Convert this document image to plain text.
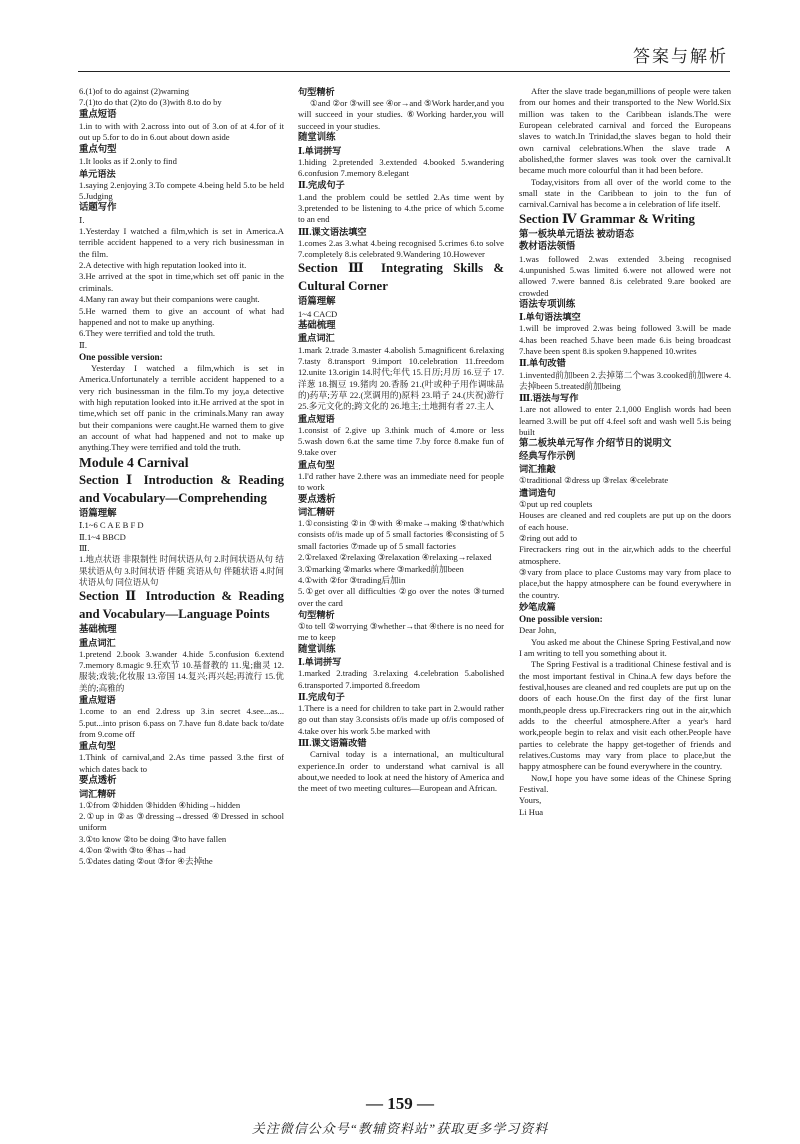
答案与解析

6.(1)of to do against (2)warning

7.(1)to do that (2)to do (3)with 8.to do by

重点短语

1.in to with with 2.across into out of 3.on of at 4.for of it out up 5.for to do in 6.out about down aside

重点句型

1.It looks as if 2.only to find

单元语法

1.saying 2.enjoying 3.To compete 4.being held 5.to be held 5.Judging

话题写作

Ⅰ.

1.Yesterday I watched a film,which is set in America.A terrible accident happened to a very rich businessman in the film.

2.A detective with high reputation looked into it.

3.He arrived at the spot in time,which set off panic in the criminals.

4.Many ran away but their companions were caught.

5.He warned them to give an account of what had happened and not to make up anything.

6.They were terrified and told the truth.

Ⅱ.

One possible version:

Yesterday I watched a film,which is set in America.Unfortunately a terrible accident happened to a very rich businessman in the film.To my joy,a detective with high reputation looked into it.He arrived at the spot in time,which set off panic in the criminals.Many ran away but their companions were caught.He warned them to give an account of what had happened and not to make up anything.They were terrified and told the truth.

Module 4 Carnival

Section Ⅰ Introduction & Reading and Vocabulary—Comprehending

语篇理解

Ⅰ.1~6 C A E B F D

Ⅱ.1~4 BBCD

Ⅲ.

1.地点状语 非限制性 时间状语从句 2.时间状语从句 结果状语从句 3.时间状语 伴随 宾语从句 伴随状语 4.时间状语从句 同位语从句

Section Ⅱ Introduction & Reading and Vocabulary—Language Points

基础梳理

重点词汇

1.pretend 2.book 3.wander 4.hide 5.confusion 6.extend 7.memory 8.magic 9.狂欢节 10.基督教的 11.鬼;幽灵 12.服装;戏装;化妆服 13.帝国 14.复兴;再兴起;再流行 15.优美的;高雅的

重点短语

1.come to an end 2.dress up 3.in secret 4.see...as... 5.put...into prison 6.pass on 7.have fun 8.date back to/date from 9.come off

重点句型

1.Think of carnival,and 2.As time passed 3.the first of which dates back to

要点透析

词汇精研

1.①from ②hidden ③hidden ④hiding→hidden

2.①up in ②as ③dressing→dressed ④Dressed in school uniform

3.①to know ②to be doing ③to have fallen

4.①on ②with ③to ④has→had

5.①dates dating ②out ③for ④去掉the

句型精析

①and ②or ③will see ④or→and ⑤Work harder,and you will succeed in your studies. ⑥Working harder,you will succeed in your studies.

随堂训练

Ⅰ.单词拼写

1.hiding 2.pretended 3.extended 4.booked 5.wandering 6.confusion 7.memory 8.elegant

Ⅱ.完成句子

1.and the problem could be settled 2.As time went by 3.pretended to be listening to 4.the price of which 5.come to an end

Ⅲ.课文语法填空

1.comes 2.as 3.what 4.being recognised 5.crimes 6.to solve 7.completely 8.is celebrated 9.Wandering 10.However

Section Ⅲ Integrating Skills & Cultural Corner

语篇理解

1~4 CACD

基础梳理

重点词汇

1.mark 2.trade 3.master 4.abolish 5.magnificent 6.relaxing 7.tasty 8.transport 9.import 10.celebration 11.freedom 12.unite 13.origin 14.时代;年代 15.日历;月历 16.豆子 17.洋葱 18.搁豆 19.猪肉 20.香肠 21.(叶或种子用作调味品的)药草;芳草 22.(烹调用的)原料 23.哨子 24.(庆祝)游行 25.多元文化的;跨文化的 26.地主;土地拥有者 27.主人

重点短语

1.consist of 2.give up 3.think much of 4.more or less 5.wash down 6.at the same time 7.by force 8.make fun of 9.take over

重点句型

1.I'd rather have 2.there was an immediate need for people to work

要点透析

词汇精研

1.①consisting ②in ③with ④make→making ⑤that/which consists of/is made up of 5 small factories ⑥consisting of 5 small factories ⑦made up of 5 small factories

2.①relaxed ②relaxing ③relaxation ④relaxing→relaxed

3.①marking ②marks where ③marked前加been

4.①with ②for ③trading后加in

5.①get over all difficulties ②go over the notes ③turned over the card

句型精析

①to tell ②worrying ③whether→that ④there is no need for me to keep

随堂训练

Ⅰ.单词拼写

1.marked 2.trading 3.relaxing 4.celebration 5.abolished 6.transported 7.imported 8.freedom

Ⅱ.完成句子

1.There is a need for children to take part in 2.would rather go out than stay 3.consists of/is made up of/is composed of 4.take over his work 5.be marked with

Ⅲ.课文语篇改错

Carnival today is a international, an multicultural experience.In order to understand what carnival is all about,we needed to look at need the history of America and the meet of two meeting cultures—European and African.

After the slave trade began,millions of people were taken from our homes and their transported to the New World.Six million was taken to the Caribbean islands.The were European celebrated carnival and forced the Europeans slaves to watch.In Trinidad,the slaves began to hold their own carnival celebrations.When the slave trade ∧ abolished,the former slaves was took over the carnival.It became much more colourful than it had been before.

Today,visitors from all over of the world come to the small state in the Caribbean to join to the fun of carnival.Carnival has become a in celebration of life itself.

Section Ⅳ Grammar & Writing

第一板块单元语法 被动语态

教材语法领悟

1.was followed 2.was extended 3.being recognised 4.unpunished 5.was limited 6.were not allowed were not allowed 7.were banned 8.is celebrated 9.are booked are crowded

语法专项训练

Ⅰ.单句语法填空

1.will be improved 2.was being followed 3.will be made 4.has been reached 5.have been made 6.is being broadcast 7.have been spent 8.is spoken 9.happened 10.writes

Ⅱ.单句改错

1.invented前加been 2.去掉第二个was 3.cooked前加were 4.去掉been 5.treated前加being

Ⅲ.语法与写作

1.are not allowed to enter 2.1,000 English words had been learned 3.will be put off 4.feel soft and wash well 5.is being built

第二板块单元写作 介绍节日的说明文

经典写作示例

词汇推敲

①traditional ②dress up ③relax ④celebrate

遣词造句

①put up red couplets

Houses are cleaned and red couplets are put up on the doors of each house.

②ring out add to

Firecrackers ring out in the air,which adds to the cheerful atmosphere.

③vary from place to place Customs may vary from place to place,but the happy atmosphere can be found everywhere in the country.

妙笔成篇

One possible version:

Dear John,

You asked me about the Chinese Spring Festival,and now I am writing to tell you something about it.

The Spring Festival is a traditional Chinese festival and is the most important festival in China.A few days before the festival,houses are cleaned and red couplets are put up on the doors of each house.On the first day of the first lunar month,people dress up.Firecrackers ring out in the air,which adds to the cheerful atmosphere.After a year's hard work,people begin to relax and visit each other.People have parties to celebrate the happy get-together of friends and relatives.Customs may vary from place to place,but the happy atmosphere can be found everywhere in the country.

Now,I hope you have some ideas of the Chinese Spring Festival.

Yours,

Li Hua

— 159 —
关注微信公众号“教辅资料站”获取更多学习资料
